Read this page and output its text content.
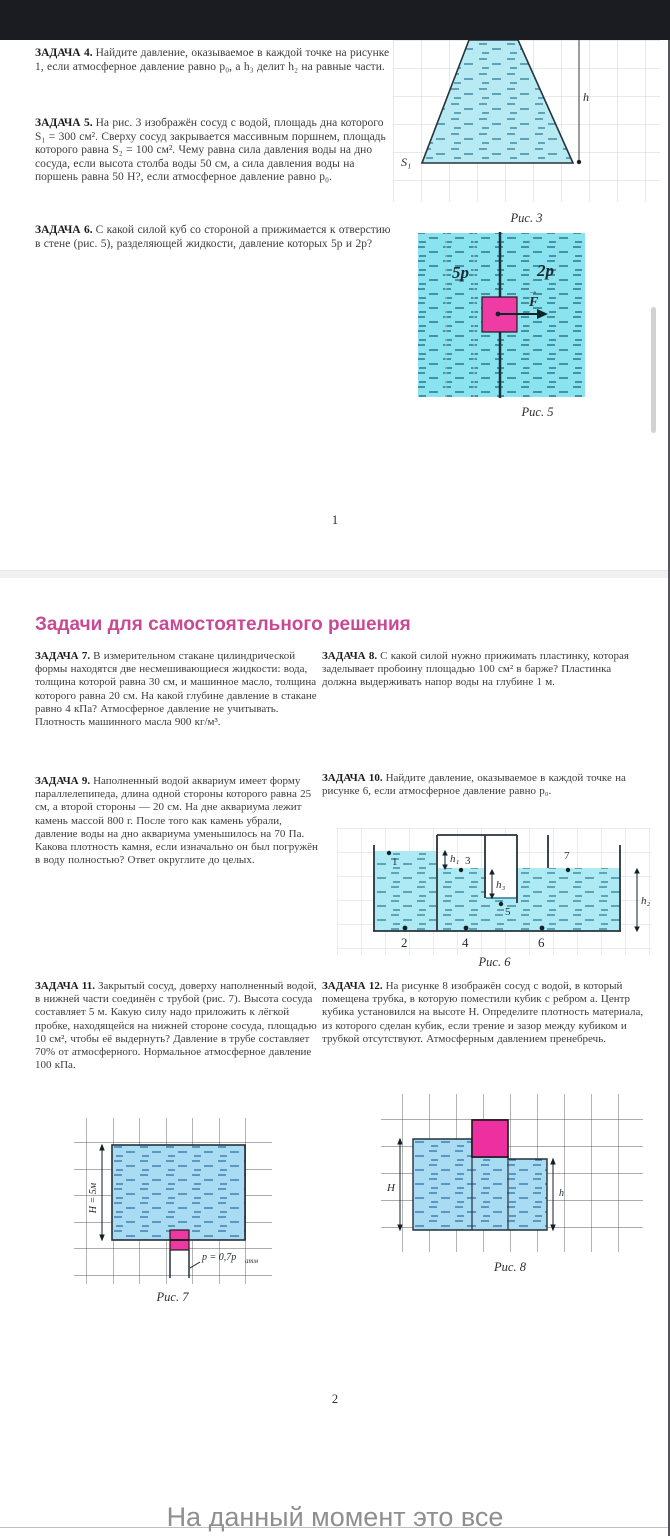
ЗАДАЧА 4. Найдите давление, оказываемое в каждой точке на рисунке 1, если атмосферное давление равно p₀, а h₃ делит h₂ на равные части.
ЗАДАЧА 5. На рис. 3 изображён сосуд с водой, площадь дна которого S₁ = 300 см². Сверху сосуд закрывается массивным поршнем, площадь которого равна S₂ = 100 см². Чему равна сила давления воды на дно сосуда, если высота столба воды 50 см, а сила давления воды на поршень равна 50 Н?, если атмосферное давление равно p₀.
ЗАДАЧА 6. С какой силой куб со стороной a прижимается к отверстию в стене (рис. 5), разделяющей жидкости, давление которых 5p и 2p?
h
S₁
Рис. 3
5p	2p
F
→
Рис. 5
1
Задачи для самостоятельного решения
ЗАДАЧА 7. В измерительном стакане цилиндрической формы находятся две несмешивающиеся жидкости: вода, толщина которой равна 30 см, и машинное масло, толщина которого равна 20 см. На какой глубине давление в стакане равно 4 кПа? Атмосферное давление не учитывать. Плотность машинного масла 900 кг/м³.
ЗАДАЧА 8. С какой силой нужно прижимать пластинку, которая заделывает пробоину площадью 100 см² в барже? Пластинка должна выдерживать напор воды на глубине 1 м.
ЗАДАЧА 9. Наполненный водой аквариум имеет форму параллелепипеда, длина одной стороны которого равна 25 см, а второй стороны — 20 см. На дне аквариума лежит камень массой 800 г. После того как камень убрали, давление воды на дно аквариума уменьшилось на 70 Па. Какова плотность камня, если изначально он был погружён в воду полностью? Ответ округлите до целых.
ЗАДАЧА 10. Найдите давление, оказываемое в каждой точке на рисунке 6, если атмосферное давление равно p₀.
1
2
3
4
5
6
7
h₁
h₃
h₂
Рис. 6
ЗАДАЧА 11. Закрытый сосуд, доверху наполненный водой, в нижней части соединён с трубой (рис. 7). Высота сосуда составляет 5 м. Какую силу надо приложить к лёгкой пробке, находящейся на нижней стороне сосуда, площадью 10 см², чтобы её выдернуть? Давление в трубе составляет 70% от атмосферного. Нормальное атмосферное давление 100 кПа.
ЗАДАЧА 12. На рисунке 8 изображён сосуд с водой, в который помещена трубка, в которую поместили кубик с ребром a. Центр кубика установился на высоте H. Определите плотность материала, из которого сделан кубик, если трение и зазор между кубиком и трубкой отсутствуют. Атмосферным давлением пренебречь.
H = 5м
p = 0,7p атм
Рис. 7
H	h
Рис. 8
2
На данный момент это все
